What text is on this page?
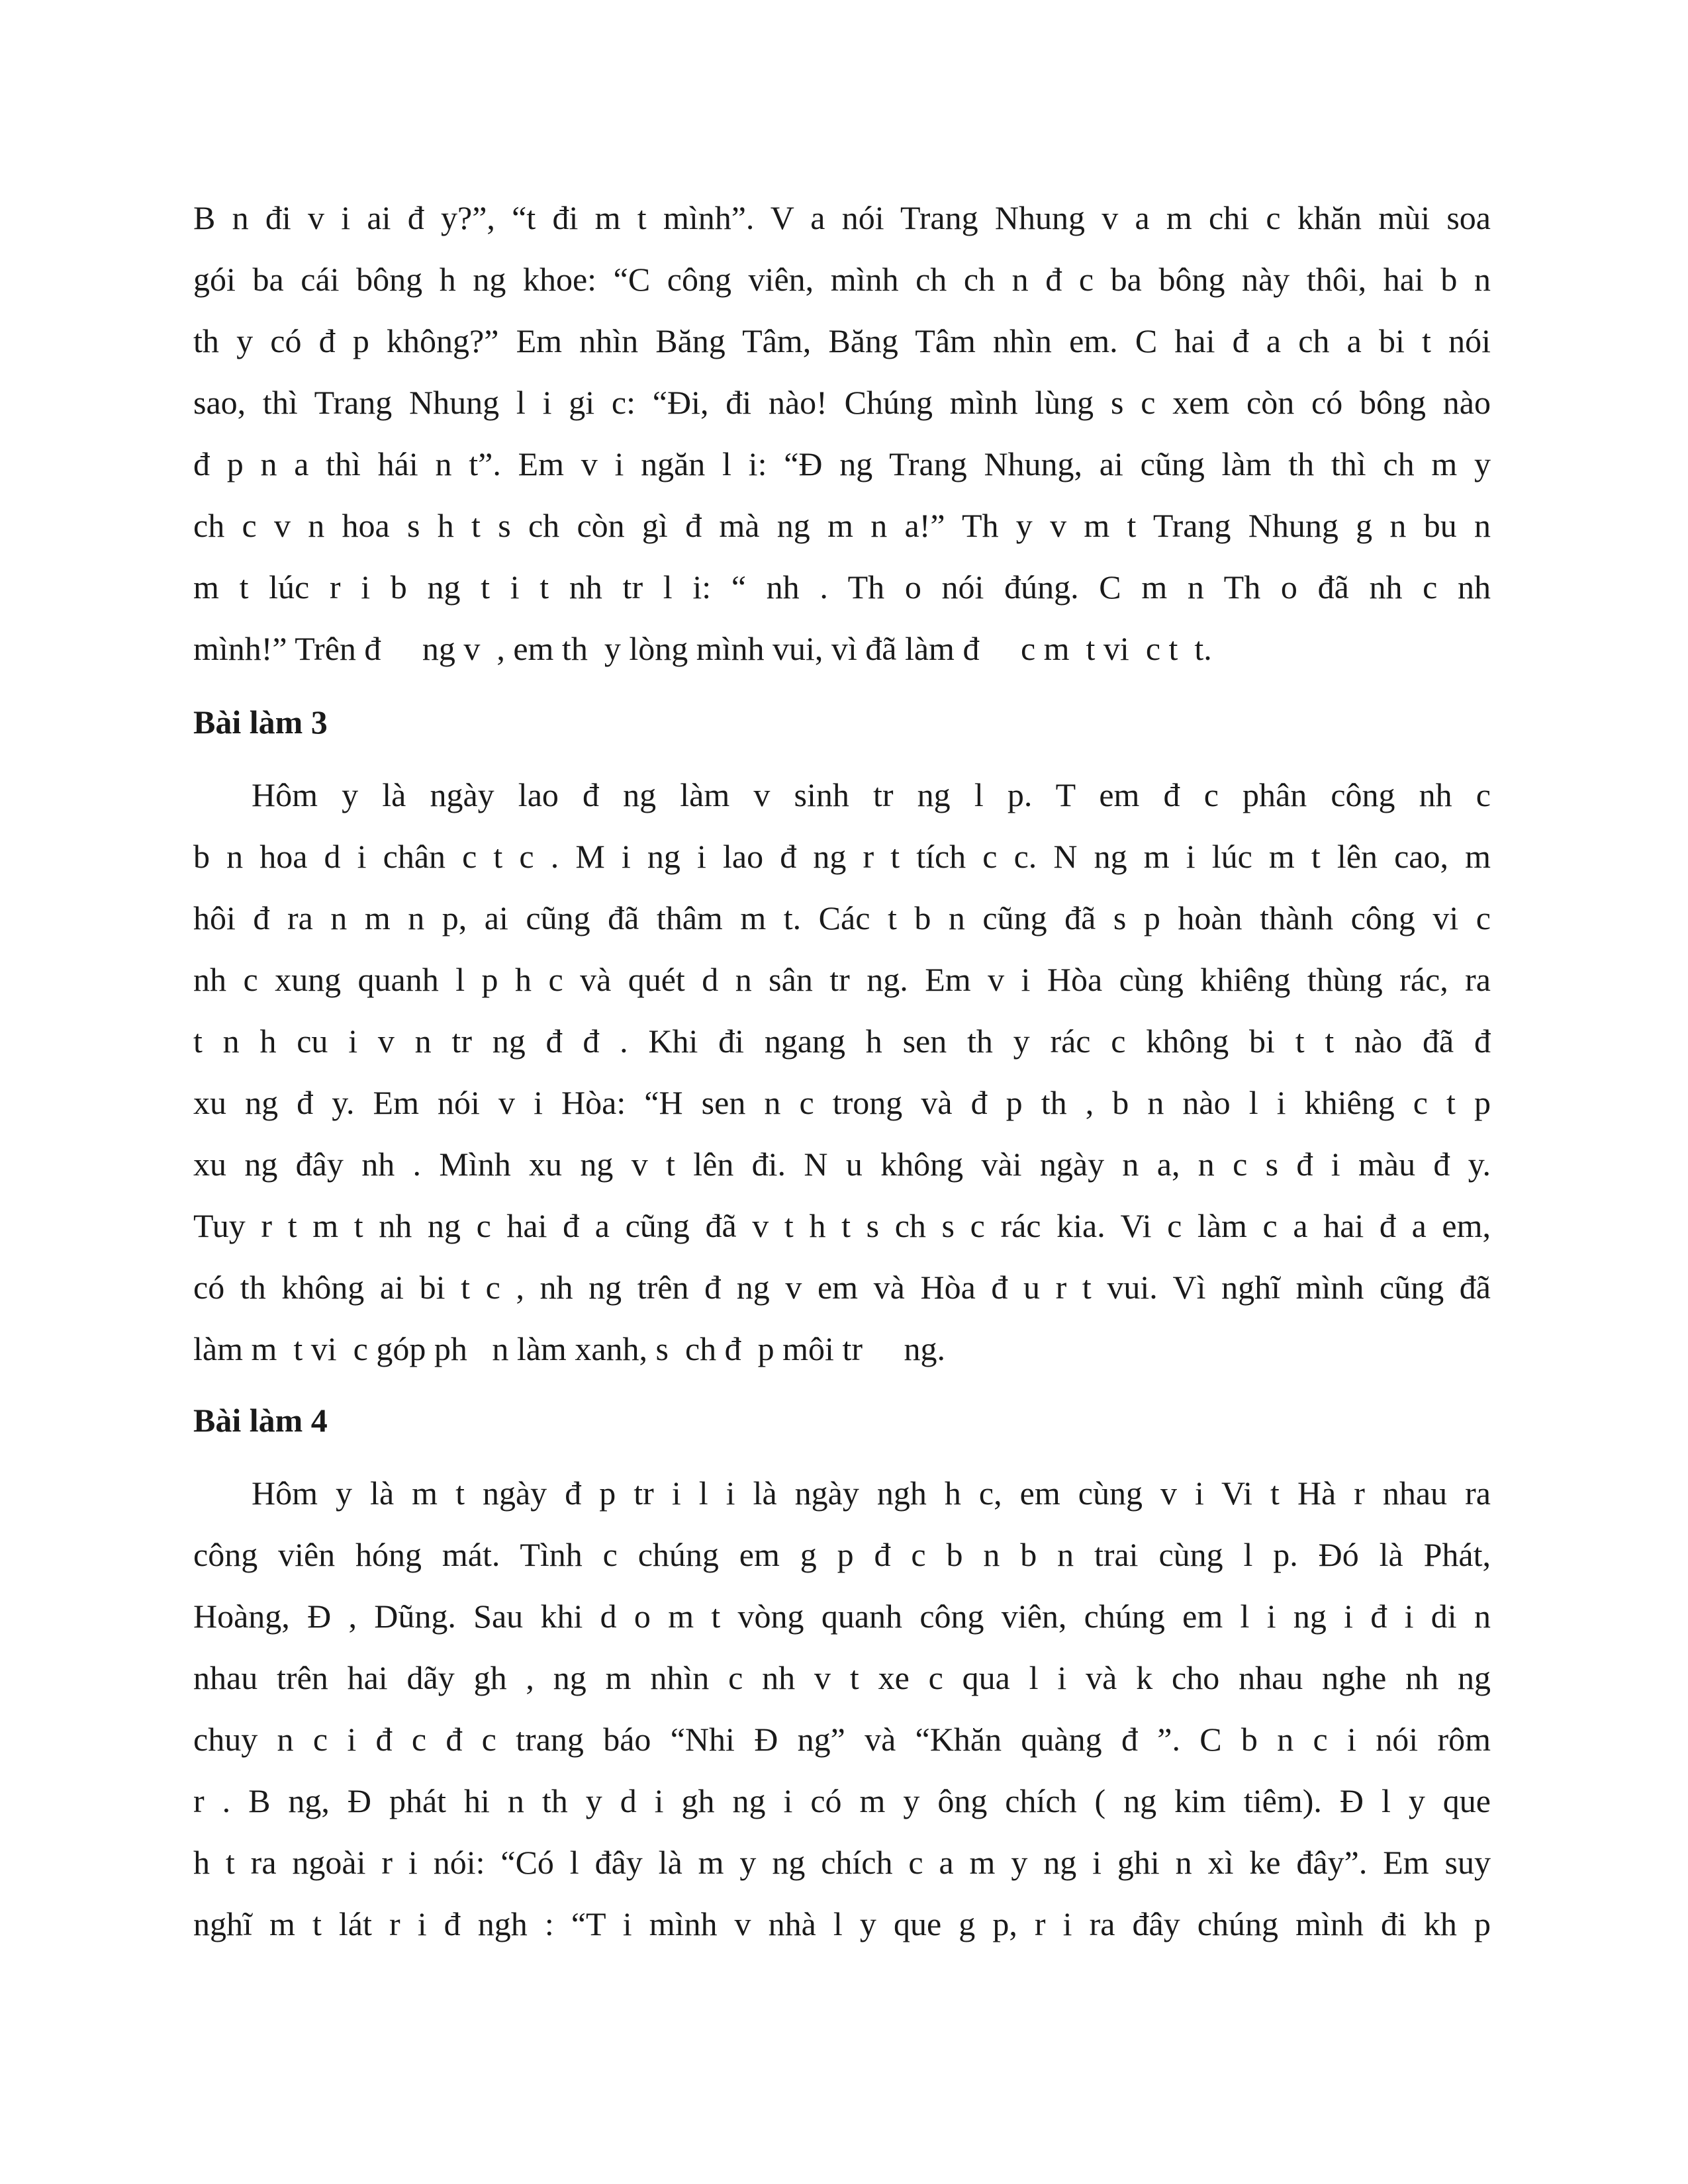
B n đi v i ai đ y?”, “t đi m t mình”. V a nói Trang Nhung v a m chi c khăn mùi soa
gói ba cái bông h ng khoe: “C công viên, mình ch ch n đ c ba bông này thôi, hai b n
th y có đ p không?” Em nhìn Băng Tâm, Băng Tâm nhìn em. C hai đ a ch a bi t nói
sao, thì Trang Nhung l i gi c: “Đi, đi nào! Chúng mình lùng s c xem còn có bông nào
đ p n a thì hái n t”. Em v i ngăn l i: “Đ ng Trang Nhung, ai cũng làm th thì ch m y
ch c v n hoa s h t s ch còn gì đ mà ng m n a!” Th y v m t Trang Nhung g n bu n
m t lúc r i b ng t i t nh tr l i: “ nh . Th o nói đúng. C m n Th o đã nh c nh
mình!” Trên đ     ng v  , em th  y lòng mình vui, vì đã làm đ     c m  t vi  c t  t.
Bài làm 3
Hôm y là ngày lao đ ng làm v sinh tr ng l p. T em đ c phân công nh c
b n hoa d i chân c t c . M i ng i lao đ ng r t tích c c. N ng m i lúc m t lên cao, m
hôi đ ra n m n p, ai cũng đã thâm m t. Các t b n cũng đã s p hoàn thành công vi c
nh c xung quanh l p h c và quét d n sân tr ng. Em v i Hòa cùng khiêng thùng rác, ra
t n h cu i v n tr ng đ đ . Khi đi ngang h sen th y rác c không bi t t nào đã đ
xu ng đ y. Em nói v i Hòa: “H sen n c trong và đ p th , b n nào l i khiêng c t p
xu ng đây nh . Mình xu ng v t lên đi. N u không vài ngày n a, n c s đ i màu đ y.
Tuy r t m t nh ng c hai đ a cũng đã v t h t s ch s c rác kia. Vi c làm c a hai đ a em,
có th không ai bi t c , nh ng trên đ ng v em và Hòa đ u r t vui. Vì nghĩ mình cũng đã
làm m  t vi  c góp ph   n làm xanh, s  ch đ  p môi tr     ng.
Bài làm 4
Hôm y là m t ngày đ p tr i l i là ngày ngh h c, em cùng v i Vi t Hà r nhau ra
công viên hóng mát. Tình c chúng em g p đ c b n b n trai cùng l p. Đó là Phát,
Hoàng, Đ , Dũng. Sau khi d o m t vòng quanh công viên, chúng em l i ng i đ i di n
nhau trên hai dãy gh , ng m nhìn c nh v t xe c qua l i và k cho nhau nghe nh ng
chuy n c i đ c đ c trang báo “Nhi Đ ng” và “Khăn quàng đ ”. C b n c i nói rôm
r . B ng, Đ phát hi n th y d i gh ng i có m y ông chích ( ng kim tiêm). Đ l y que
h t ra ngoài r i nói: “Có l đây là m y ng chích c a m y ng i ghi n xì ke đây”. Em suy
nghĩ m t lát r i đ ngh : “T i mình v nhà l y que g p, r i ra đây chúng mình đi kh p
